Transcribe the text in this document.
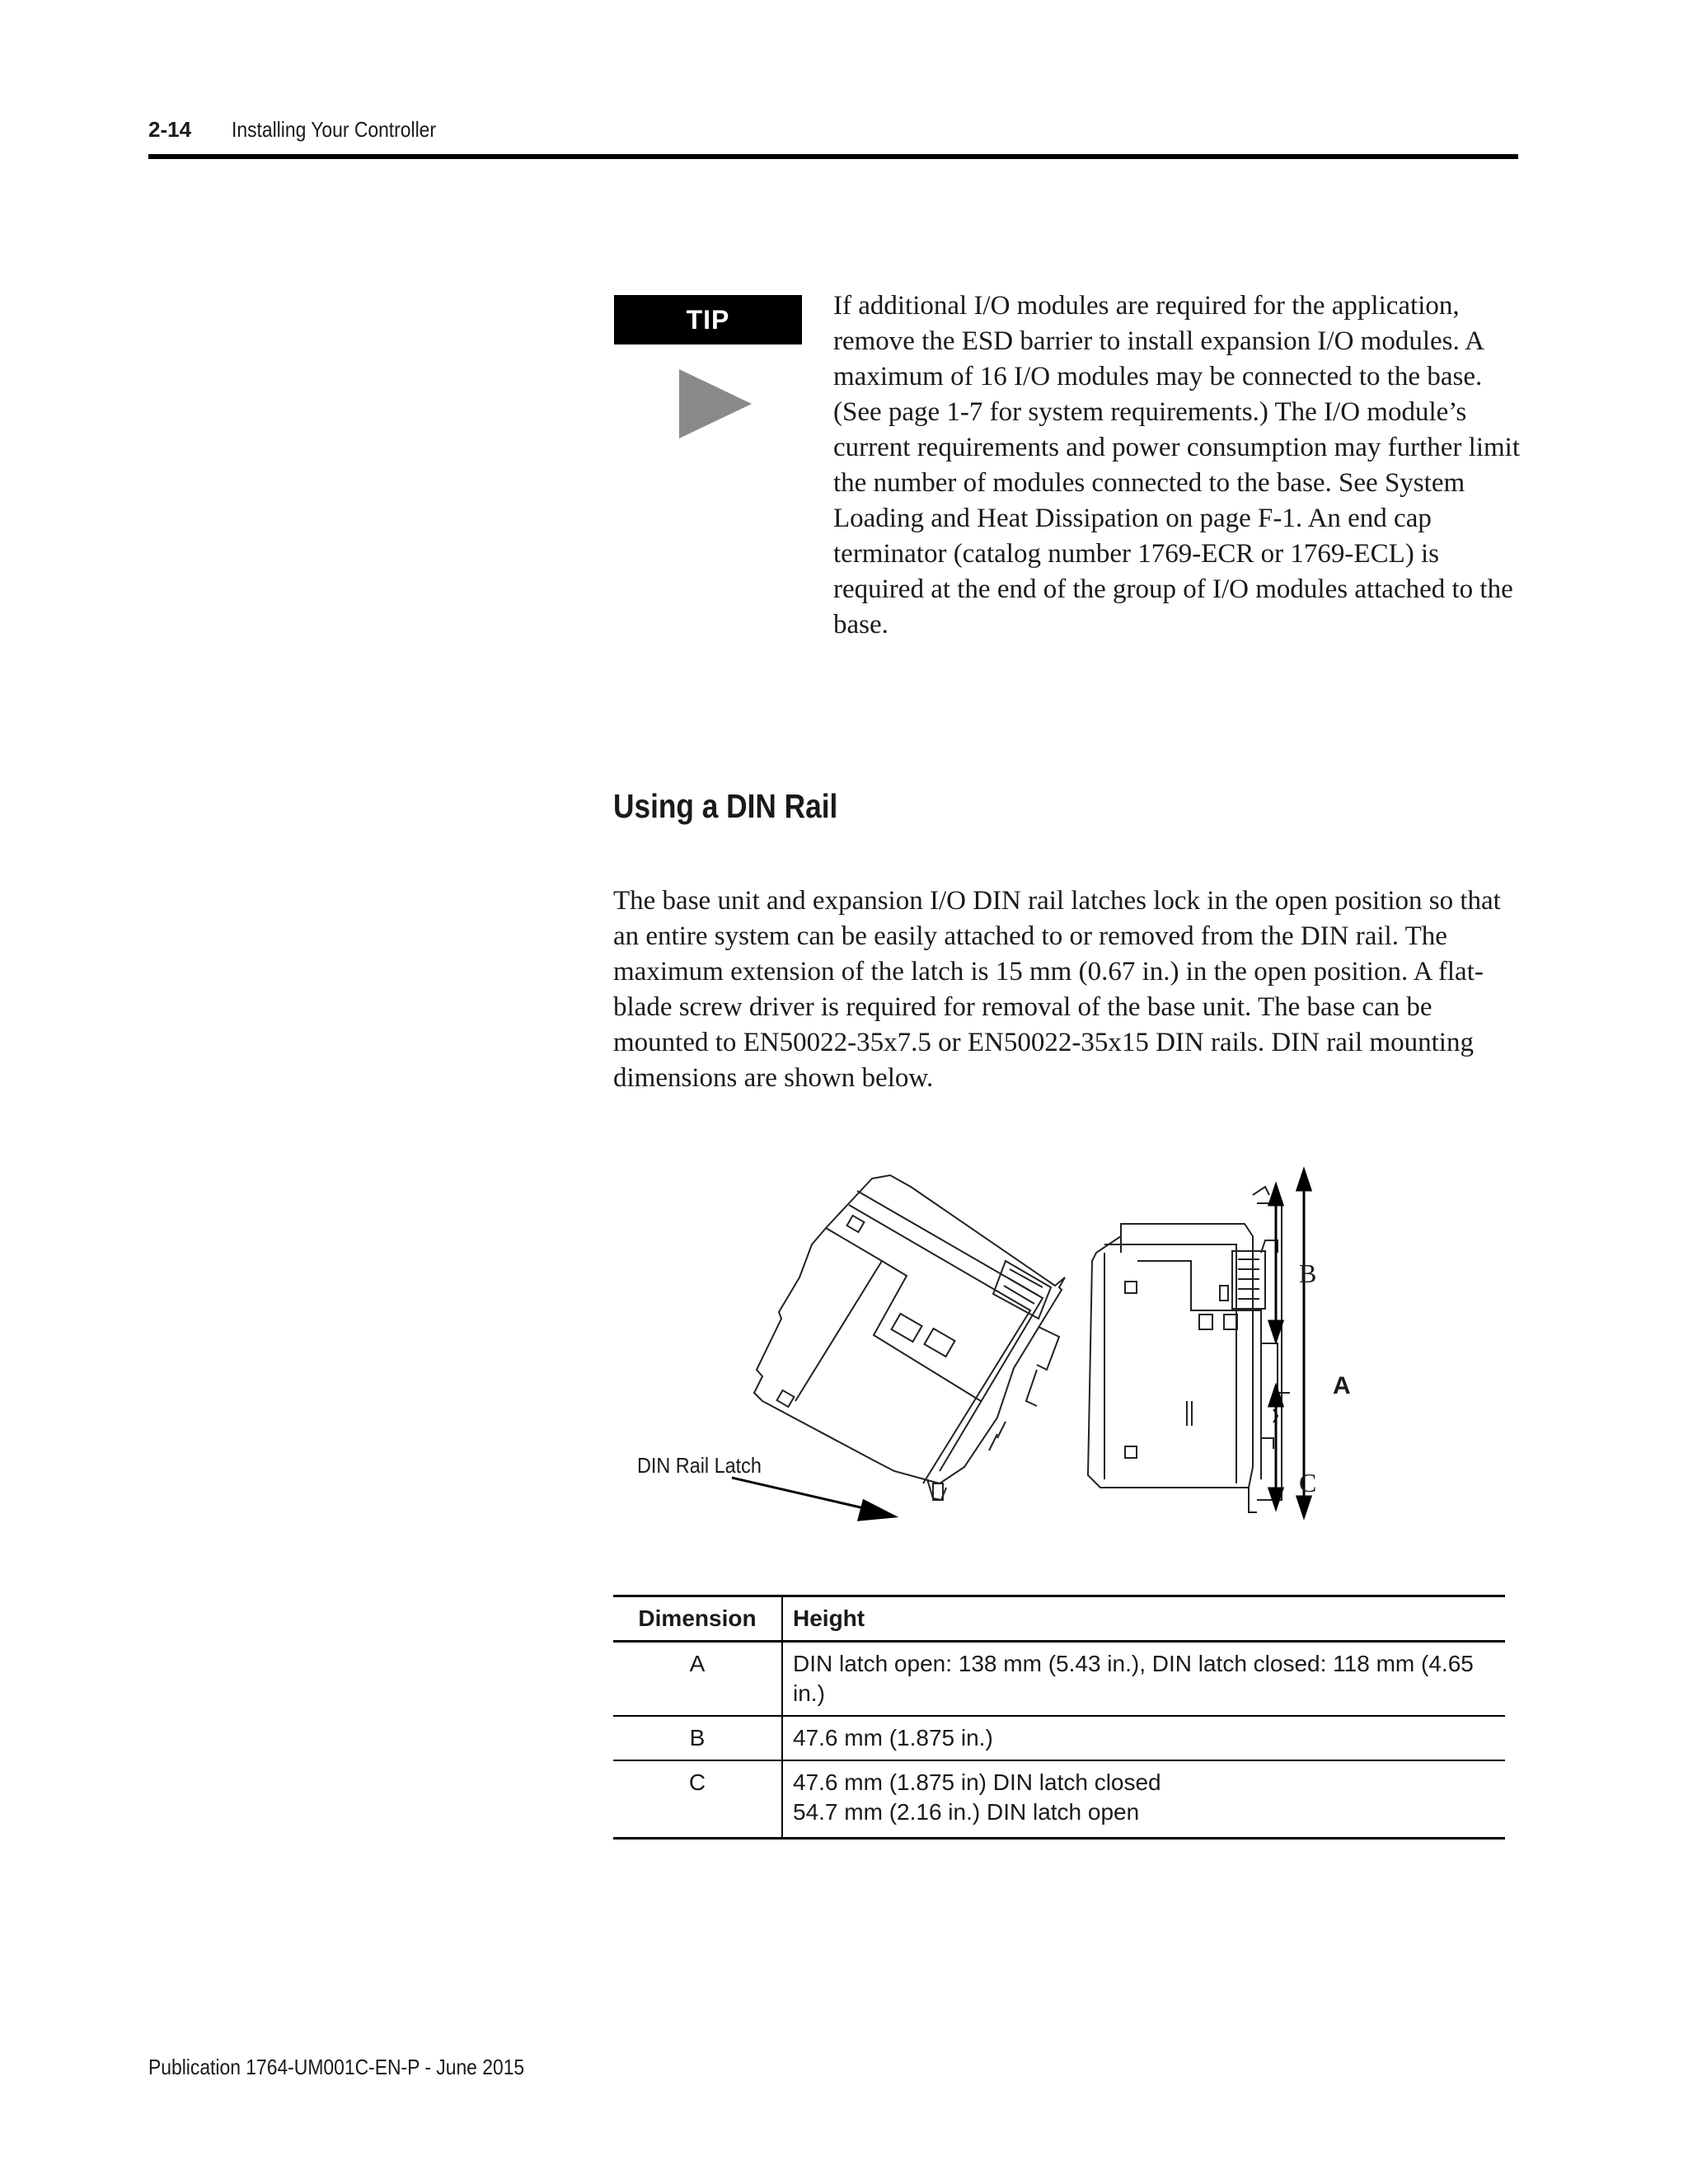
2-14 Installing Your Controller
TIP	If additional I/O modules are required for the application, remove the ESD barrier to install expansion I/O modules. A maximum of 16 I/O modules may be connected to the base. (See page 1-7 for system requirements.) The I/O module’s current requirements and power consumption may further limit the number of modules connected to the base. See System Loading and Heat Dissipation on page F-1. An end cap terminator (catalog number 1769-ECR or 1769-ECL) is required at the end of the group of I/O modules attached to the base.

Using a DIN Rail

The base unit and expansion I/O DIN rail latches lock in the open position so that an entire system can be easily attached to or removed from the DIN rail. The maximum extension of the latch is 15 mm (0.67 in.) in the open position. A flat-blade screw driver is required for removal of the base unit. The base can be mounted to EN50022-35x7.5 or EN50022-35x15 DIN rails. DIN rail mounting dimensions are shown below.

DIN Rail Latch
B
A
C
Dimension	Height
A	DIN latch open: 138 mm (5.43 in.), DIN latch closed: 118 mm (4.65 in.)

B	47.6 mm (1.875 in.)

C	47.6 mm (1.875 in) DIN latch closed
54.7 mm (2.16 in.) DIN latch open
Publication 1764-UM001C-EN-P - June 2015
